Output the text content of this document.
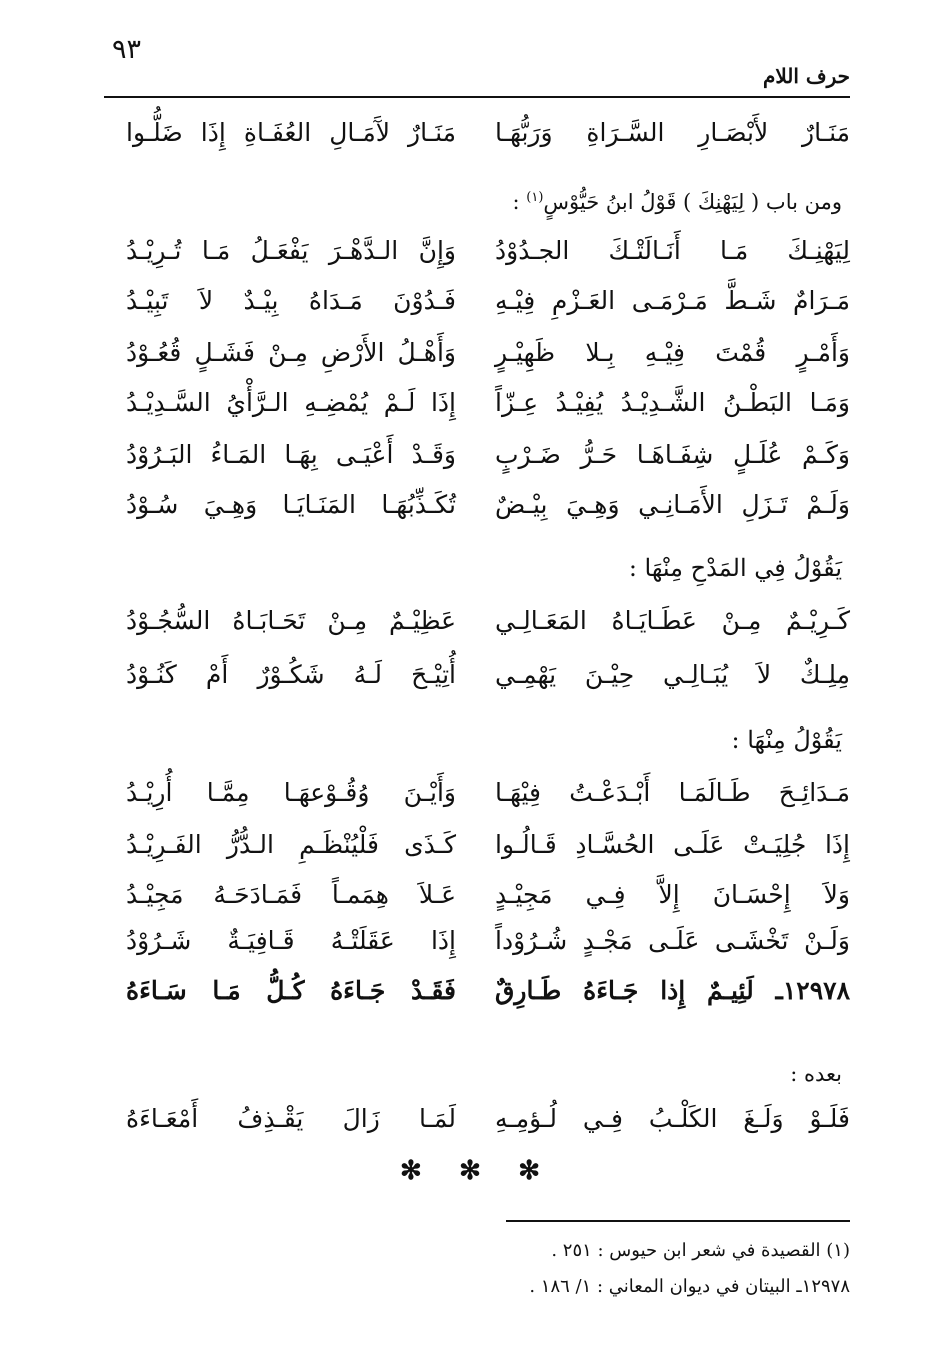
٩٣
حرف اللام
مَنَـارٌ لأَبْصَـارِ السَّـرَاةِ وَرَبُّهَـا
مَنَـارٌ لآَمَـالِ العُفَـاةِ إِذَا ضَلُّـوا
ومن باب ( لِيَهْنِكَ ) قَوْلُ ابنُ حَيُّوْسٍ$^{(١)}$ :
لِيَهْنِـكَ مَـا أَنَـالَتْـكَ الجـدُوْدُ
وَإِنَّ الـدَّهْـرَ يَفْعَـلُ مَـا تُـرِيْـدُ
مَـرَامٌ شَـطَّ مَـرْمَـى العَـزْمِ فِيْـهِ
فَـدُوْنَ مَـدَاهُ بِيْـدٌ لاَ تَبِيْـدُ
وَأَمْـرٍ قُمْتَ فِيْـهِ بِـلا ظَهِيْـرٍ
وَأَهْـلُ الأَرْضِ مِـنْ فَشَـلٍ قُعُـوْدُ
وَمَـا البَطْـنُ الشَّـدِيْـدُ يُفِيْـدُ عِـزّاً
إِذَا لَـمْ يُمْضِـهِ الـرَّأْيُ السَّـدِيْـدُ
وَكَـمْ عُلَـلٍ شِفَـاهَـا حَـرُّ ضَـرْبٍ
وَقَـدْ أَعْيَـى بِهَـا المَـاءُ البَـرُوْدُ
وَلَـمْ تَـزَلِ الأَمَـانِـي وَهِـيَ بِيْـضٌ
تُكَـذِّبُهَـا المَنَـايَـا وَهِـيَ سُـوْدُ
يَقُوْلُ فِي المَدْحِ مِنْهَا :
كَـرِيْـمٌ مِـنْ عَطَـايَـاهُ المَعَـالِـي
عَظِيْـمٌ مِـنْ تَحَـابَـاهُ السُّجُـوْدُ
مِلِـكٌ لاَ يُبَـالِـي حِيْـنَ يَهْمِـي
أُتِيْـحَ لَـهُ شَكُـوْرٌ أَمْ كَنُـوْدُ
يَقُوْلُ مِنْهَا :
مَـدَائِـحَ طَـالَمَـا أَبْـدَعْـتُ فِيْهَـا
وَأَيْـنَ وُقُـوْعهَـا مِمَّـا أُرِيْـدُ
إِذَا جُلِيَـتْ عَلَـى الحُسَّـادِ قَـالُـوا
كَـذَى فَلْيُنْظَـمِ الـدُّرُّ الفَـرِيْـدُ
وَلاَ إِحْسَـانَ إِلاَّ فِـي مَجِيْـدٍ
عَـلاَ هِمَمـاً فَمَـادَحَـهُ مَجِيْـدُ
وَلَـنْ تَخْشَـى عَلَـى مَجْـدٍ شُـرُوْداً
إِذَا عَقَلَتْـهُ قَـافِيَـةٌ شَـرُوْدُ
١٢٩٧٨ـ لَئِيـمٌ إِذا جَـاءَهُ طَـارِقٌ
فَقَـدْ جَـاءَهُ كُـلُّ مَـا سَـاءَهُ
بعده :
فَلَـوْ وَلَـغَ الكَلْـبُ فِـي لُـؤمِـهِ
لَمَـا زَالَ يَقْـذِفُ أَمْعَـاءَهُ
✻ ✻ ✻
(١) القصيدة في شعر ابن حيوس : ٢٥١ .
١٢٩٧٨ـ البيتان في ديوان المعاني : ١/ ١٨٦ .
